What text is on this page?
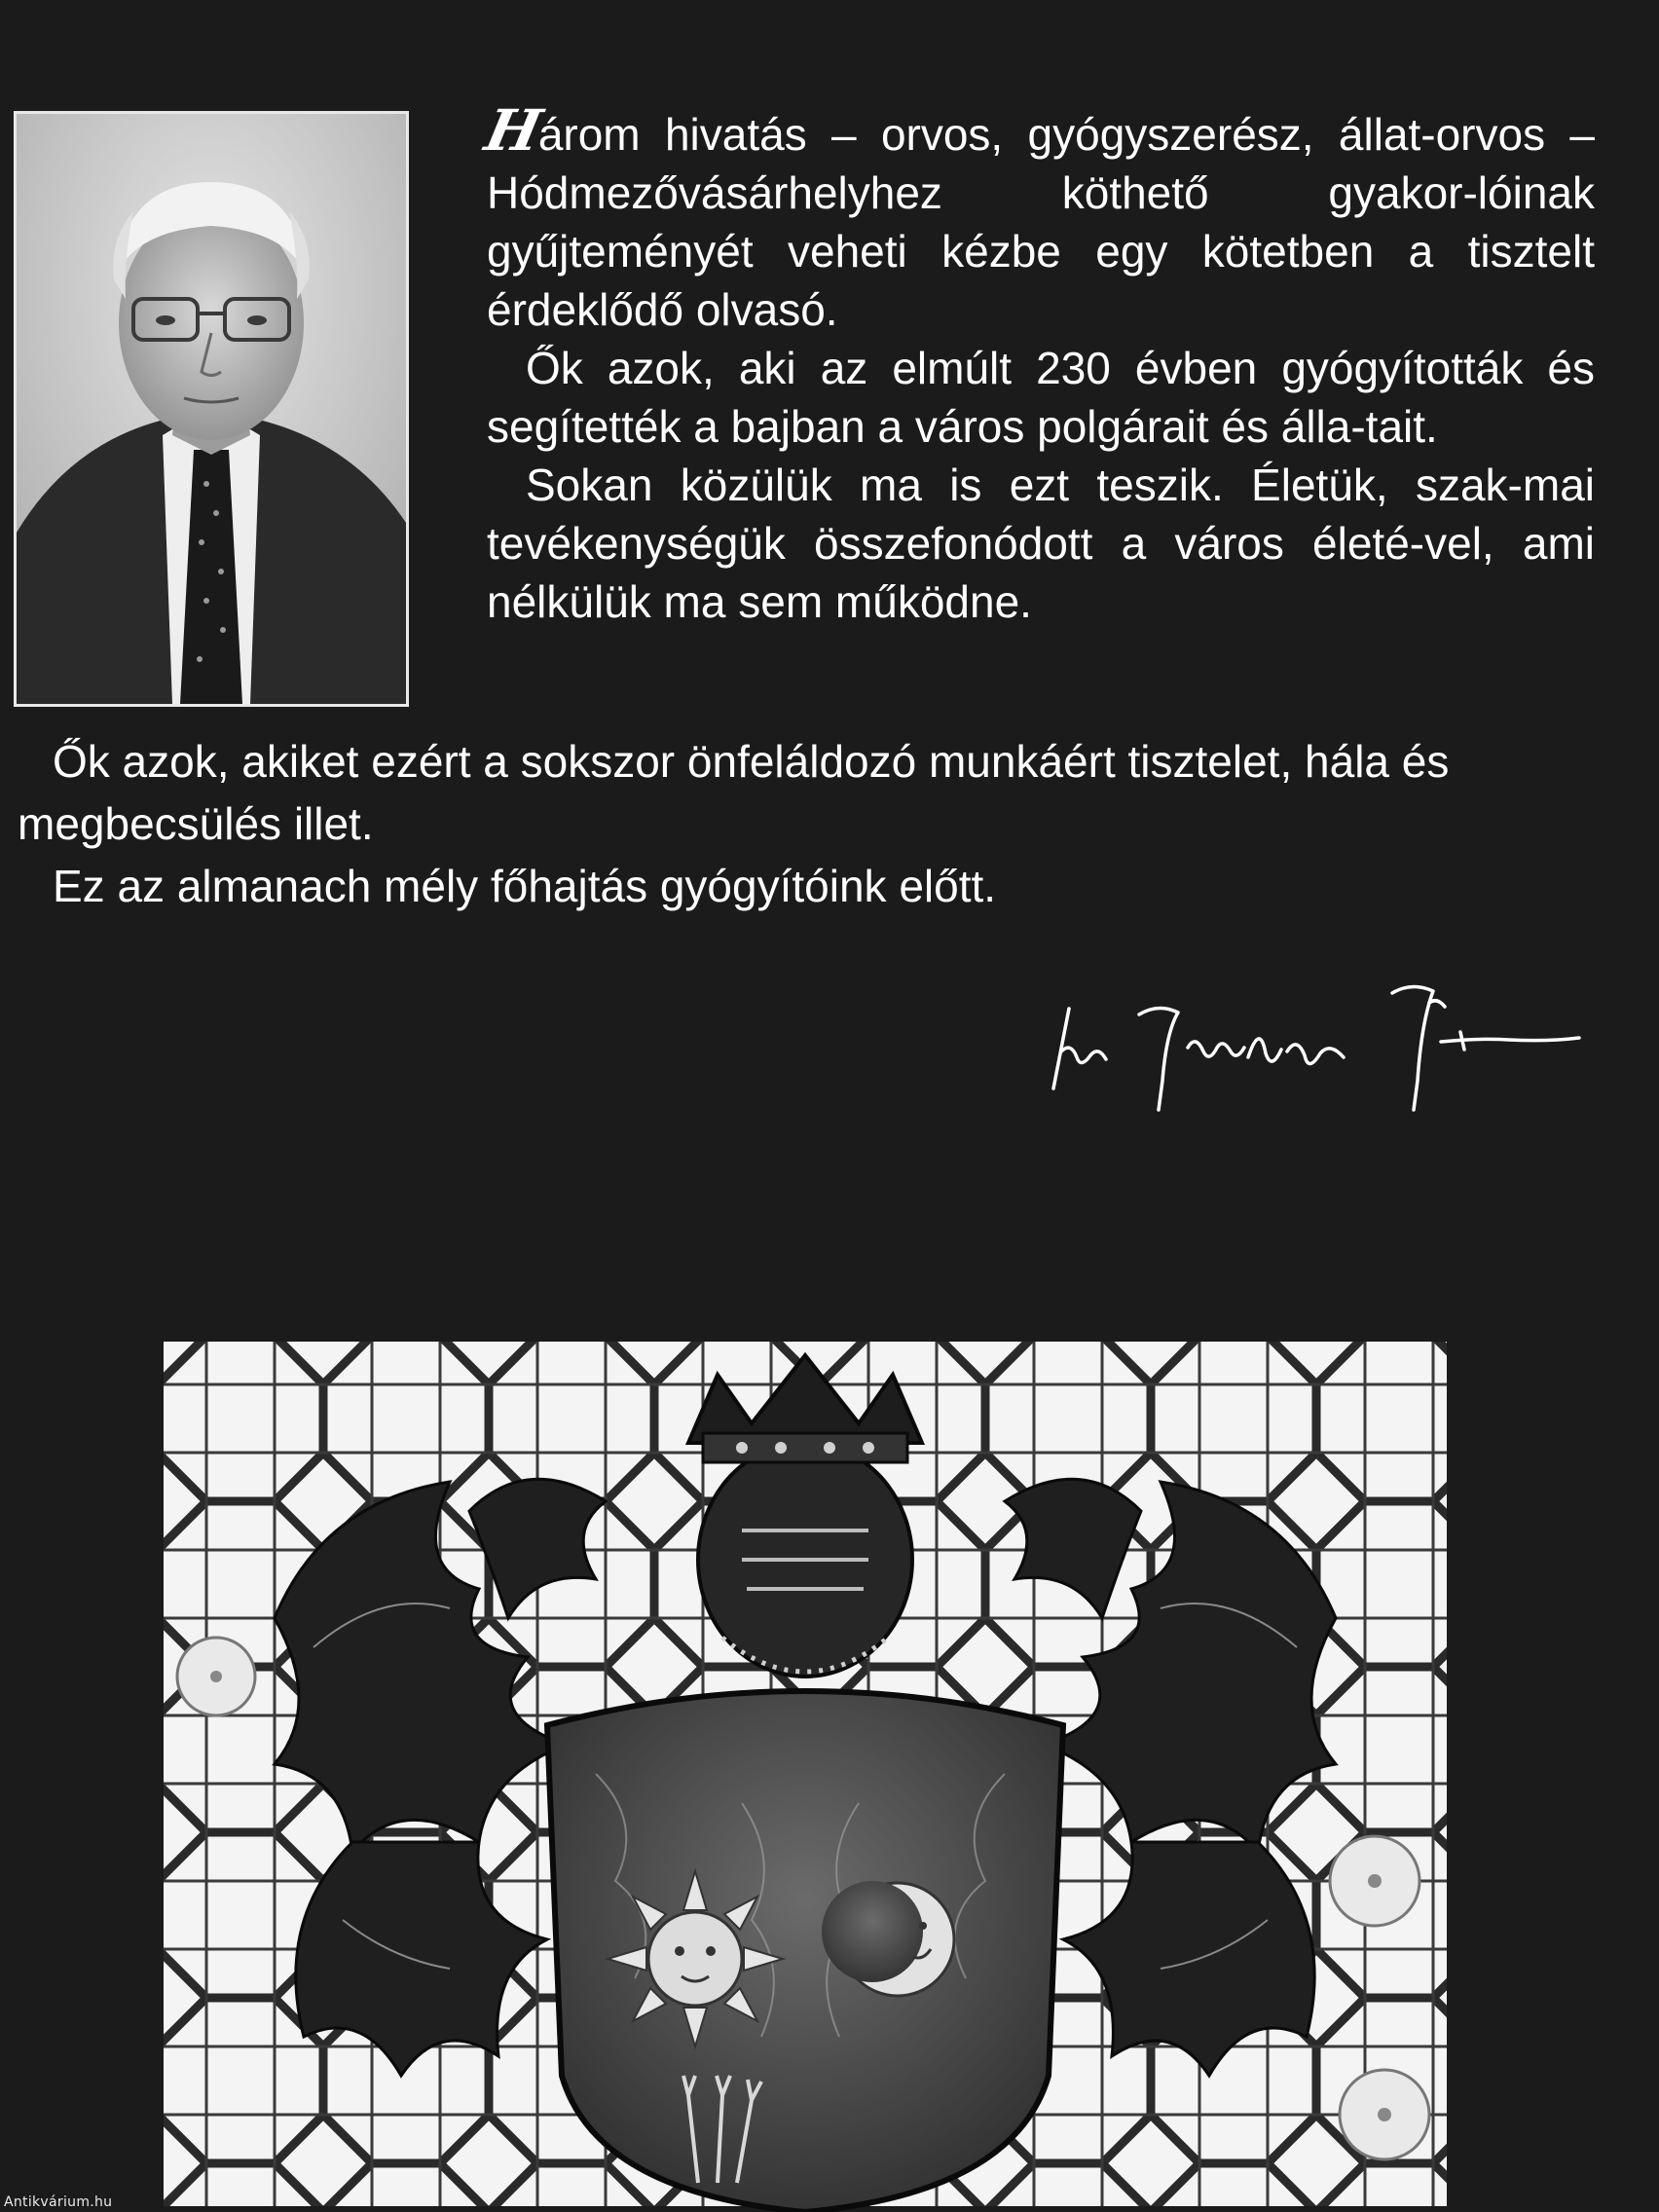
Három hivatás – orvos, gyógyszerész, állat-orvos – Hódmezővásárhelyhez köthető gyakor-lóinak gyűjteményét veheti kézbe egy kötetben a tisztelt érdeklődő olvasó.

Ők azok, aki az elmúlt 230 évben gyógyították és segítették a bajban a város polgárait és álla-tait.

Sokan közülük ma is ezt teszik. Életük, szak-mai tevékenységük összefonódott a város életé-vel, ami nélkülük ma sem működne.

Ők azok, akiket ezért a sokszor önfeláldozó munkáért tisztelet, hála és megbecsülés illet.

Ez az almanach mély főhajtás gyógyítóink előtt.

Antikvárium.hu
